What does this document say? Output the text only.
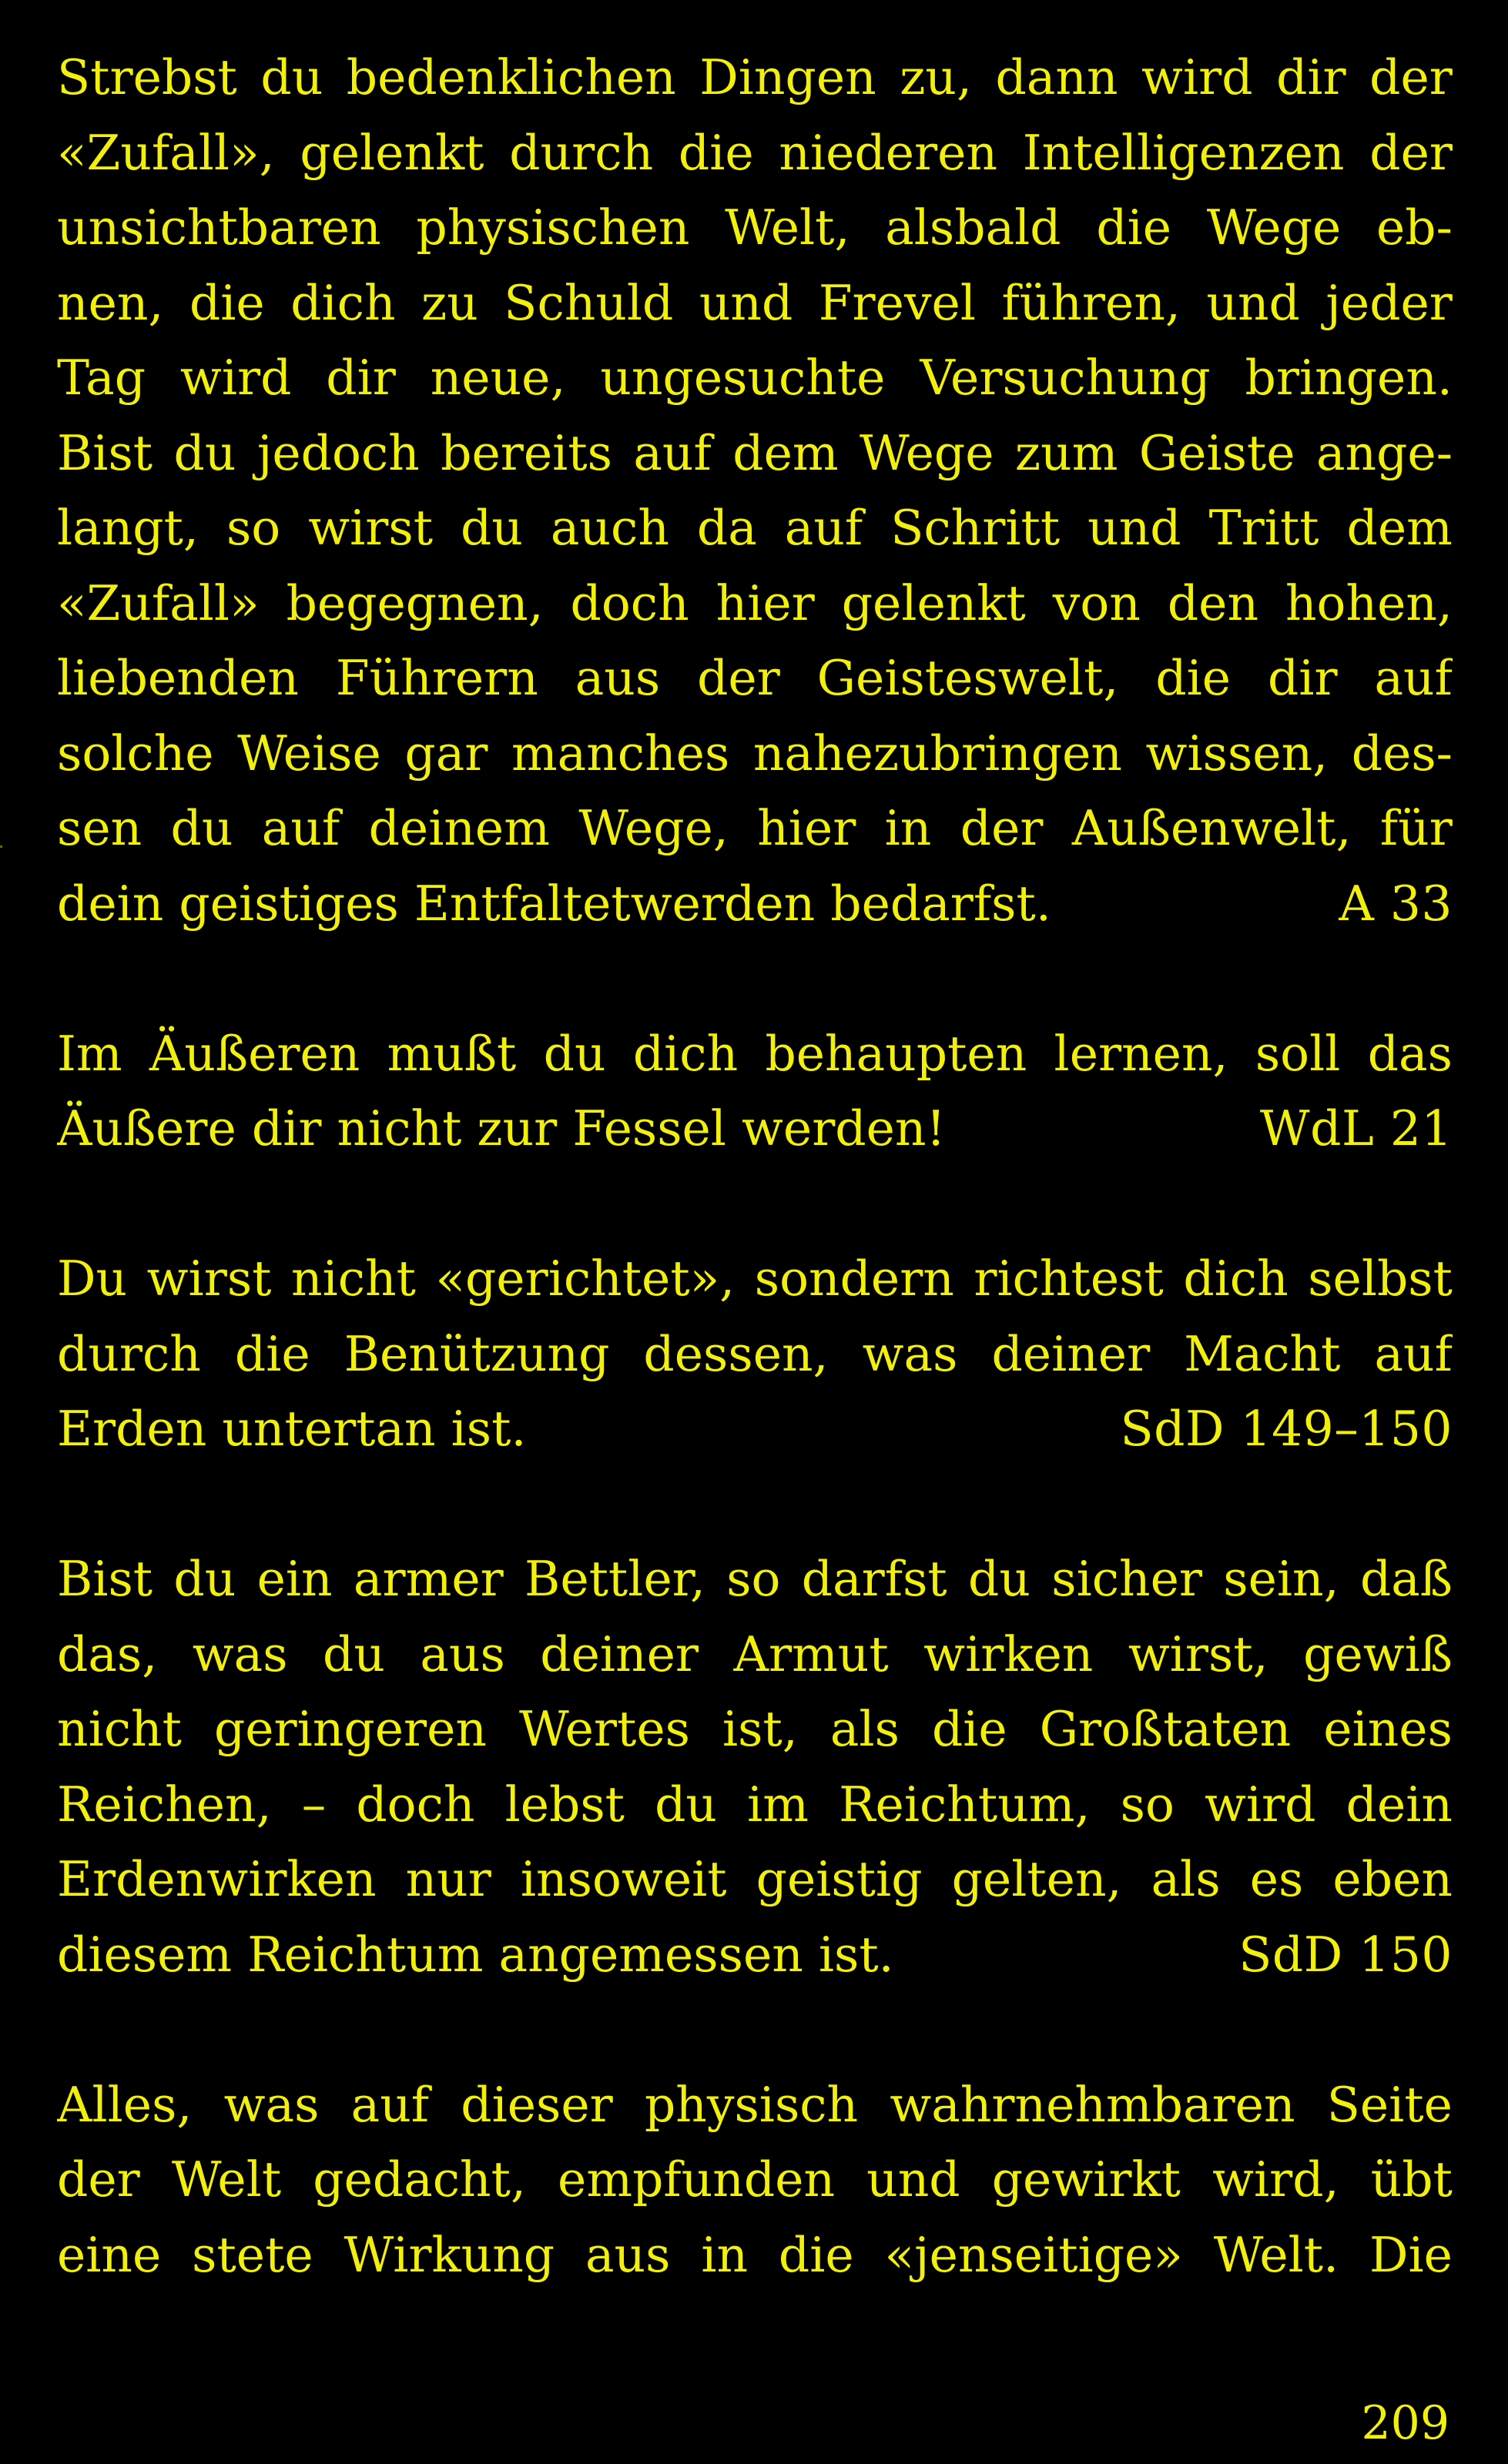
Strebst du bedenklichen Dingen zu, dann wird dir der
«Zufall», gelenkt durch die niederen Intelligenzen der
unsichtbaren physischen Welt, alsbald die Wege eb-
nen, die dich zu Schuld und Frevel führen, und jeder
Tag wird dir neue, ungesuchte Versuchung bringen.
Bist du jedoch bereits auf dem Wege zum Geiste ange-
langt, so wirst du auch da auf Schritt und Tritt dem
«Zufall» begegnen, doch hier gelenkt von den hohen,
liebenden Führern aus der Geisteswelt, die dir auf
solche Weise gar manches nahezubringen wissen, des-
sen du auf deinem Wege, hier in der Außenwelt, für
dein geistiges Entfaltetwerden bedarfst.	A 33
Im Äußeren mußt du dich behaupten lernen, soll das
Äußere dir nicht zur Fessel werden!	WdL 21
Du wirst nicht «gerichtet», sondern richtest dich selbst
durch die Benützung dessen, was deiner Macht auf
Erden untertan ist.	SdD 149–150
Bist du ein armer Bettler, so darfst du sicher sein, daß
das, was du aus deiner Armut wirken wirst, gewiß
nicht geringeren Wertes ist, als die Großtaten eines
Reichen, – doch lebst du im Reichtum, so wird dein
Erdenwirken nur insoweit geistig gelten, als es eben
diesem Reichtum angemessen ist.	SdD 150
Alles, was auf dieser physisch wahrnehmbaren Seite
der Welt gedacht, empfunden und gewirkt wird, übt
eine stete Wirkung aus in die «jenseitige» Welt. Die
209
